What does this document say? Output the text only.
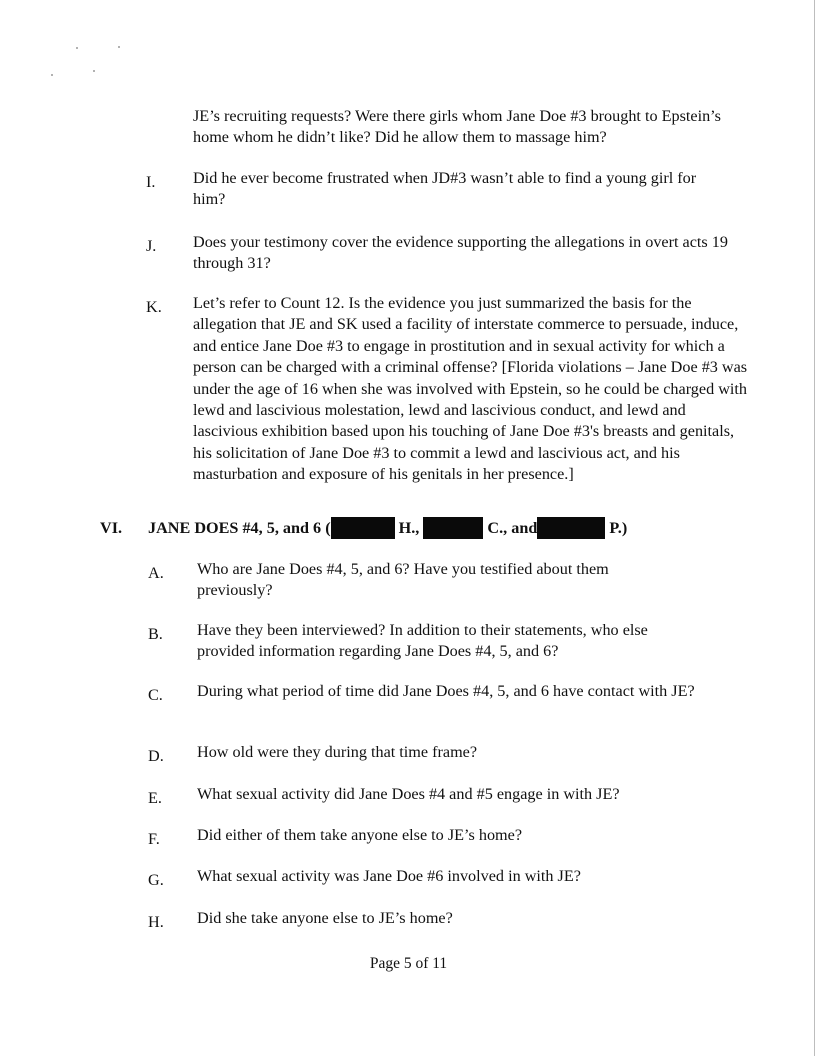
JE’s recruiting requests? Were there girls whom Jane Doe #3 brought to Epstein’s home whom he didn’t like? Did he allow them to massage him?

I. Did he ever become frustrated when JD#3 wasn’t able to find a young girl for him?

J. Does your testimony cover the evidence supporting the allegations in overt acts 19 through 31?

K. Let’s refer to Count 12. Is the evidence you just summarized the basis for the allegation that JE and SK used a facility of interstate commerce to persuade, induce, and entice Jane Doe #3 to engage in prostitution and in sexual activity for which a person can be charged with a criminal offense? [Florida violations – Jane Doe #3 was under the age of 16 when she was involved with Epstein, so he could be charged with lewd and lascivious molestation, lewd and lascivious conduct, and lewd and lascivious exhibition based upon his touching of Jane Doe #3's breasts and genitals, his solicitation of Jane Doe #3 to commit a lewd and lascivious act, and his masturbation and exposure of his genitals in her presence.]

VI. JANE DOES #4, 5, and 6 (	H.,	C., and	P.)
A. Who are Jane Does #4, 5, and 6? Have you testified about them previously?

B. Have they been interviewed? In addition to their statements, who else provided information regarding Jane Does #4, 5, and 6?

C. During what period of time did Jane Does #4, 5, and 6 have contact with JE?

D. How old were they during that time frame?

E. What sexual activity did Jane Does #4 and #5 engage in with JE?

F. Did either of them take anyone else to JE’s home?

G. What sexual activity was Jane Doe #6 involved in with JE?

H. Did she take anyone else to JE’s home?

Page 5 of 11
